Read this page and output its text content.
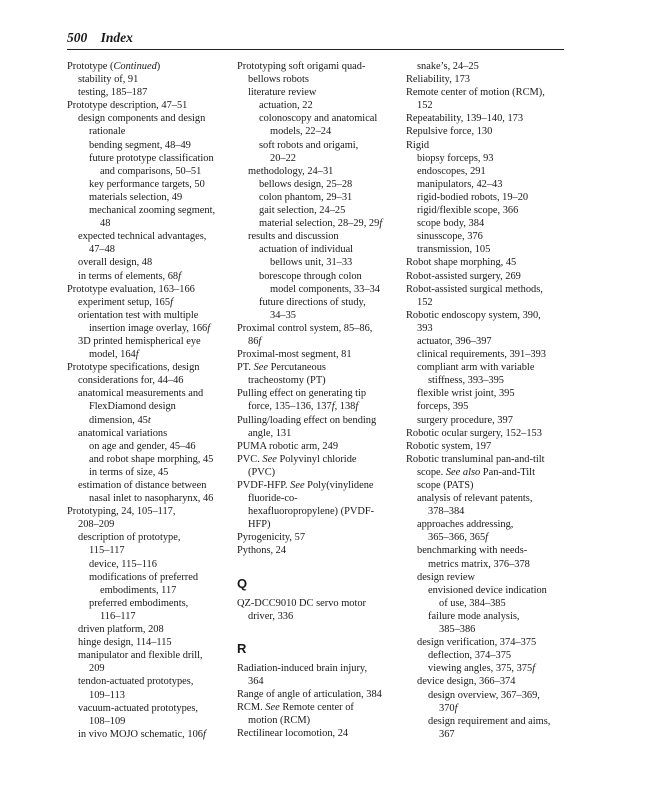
500 Index
Prototype (Continued)
stability of, 91
testing, 185–187
Prototype description, 47–51
design components and design
rationale
bending segment, 48–49
future prototype classification
and comparisons, 50–51
key performance targets, 50
materials selection, 49
mechanical zooming segment,
48
expected technical advantages,
47–48
overall design, 48
in terms of elements, 68f
Prototype evaluation, 163–166
experiment setup, 165f
orientation test with multiple
insertion image overlay, 166f
3D printed hemispherical eye
model, 164f
Prototype specifications, design
considerations for, 44–46
anatomical measurements and
FlexDiamond design
dimension, 45t
anatomical variations
on age and gender, 45–46
and robot shape morphing, 45
in terms of size, 45
estimation of distance between
nasal inlet to nasopharynx, 46
Prototyping, 24, 105–117,
208–209
description of prototype,
115–117
device, 115–116
modifications of preferred
embodiments, 117
preferred embodiments,
116–117
driven platform, 208
hinge design, 114–115
manipulator and flexible drill,
209
tendon-actuated prototypes,
109–113
vacuum-actuated prototypes,
108–109
in vivo MOJO schematic, 106f
Prototyping soft origami quad-
bellows robots
literature review
actuation, 22
colonoscopy and anatomical
models, 22–24
soft robots and origami,
20–22
methodology, 24–31
bellows design, 25–28
colon phantom, 29–31
gait selection, 24–25
material selection, 28–29, 29f
results and discussion
actuation of individual
bellows unit, 31–33
borescope through colon
model components, 33–34
future directions of study,
34–35
Proximal control system, 85–86,
86f
Proximal-most segment, 81
PT. See Percutaneous
tracheostomy (PT)
Pulling effect on generating tip
force, 135–136, 137f, 138f
Pulling/loading effect on bending
angle, 131
PUMA robotic arm, 249
PVC. See Polyvinyl chloride
(PVC)
PVDF-HFP. See Poly(vinylidene
fluoride-co-
hexafluoropropylene) (PVDF-
HFP)
Pyrogenicity, 57
Pythons, 24
Q
QZ-DCC9010 DC servo motor
driver, 336
R
Radiation-induced brain injury,
364
Range of angle of articulation, 384
RCM. See Remote center of
motion (RCM)
Rectilinear locomotion, 24
snake’s, 24–25
Reliability, 173
Remote center of motion (RCM),
152
Repeatability, 139–140, 173
Repulsive force, 130
Rigid
biopsy forceps, 93
endoscopes, 291
manipulators, 42–43
rigid-bodied robots, 19–20
rigid/flexible scope, 366
scope body, 384
sinusscope, 376
transmission, 105
Robot shape morphing, 45
Robot-assisted surgery, 269
Robot-assisted surgical methods,
152
Robotic endoscopy system, 390,
393
actuator, 396–397
clinical requirements, 391–393
compliant arm with variable
stiffness, 393–395
flexible wrist joint, 395
forceps, 395
surgery procedure, 397
Robotic ocular surgery, 152–153
Robotic system, 197
Robotic transluminal pan-and-tilt
scope. See also Pan-and-Tilt
scope (PATS)
analysis of relevant patents,
378–384
approaches addressing,
365–366, 365f
benchmarking with needs-
metrics matrix, 376–378
design review
envisioned device indication
of use, 384–385
failure mode analysis,
385–386
design verification, 374–375
deflection, 374–375
viewing angles, 375, 375f
device design, 366–374
design overview, 367–369,
370f
design requirement and aims,
367
